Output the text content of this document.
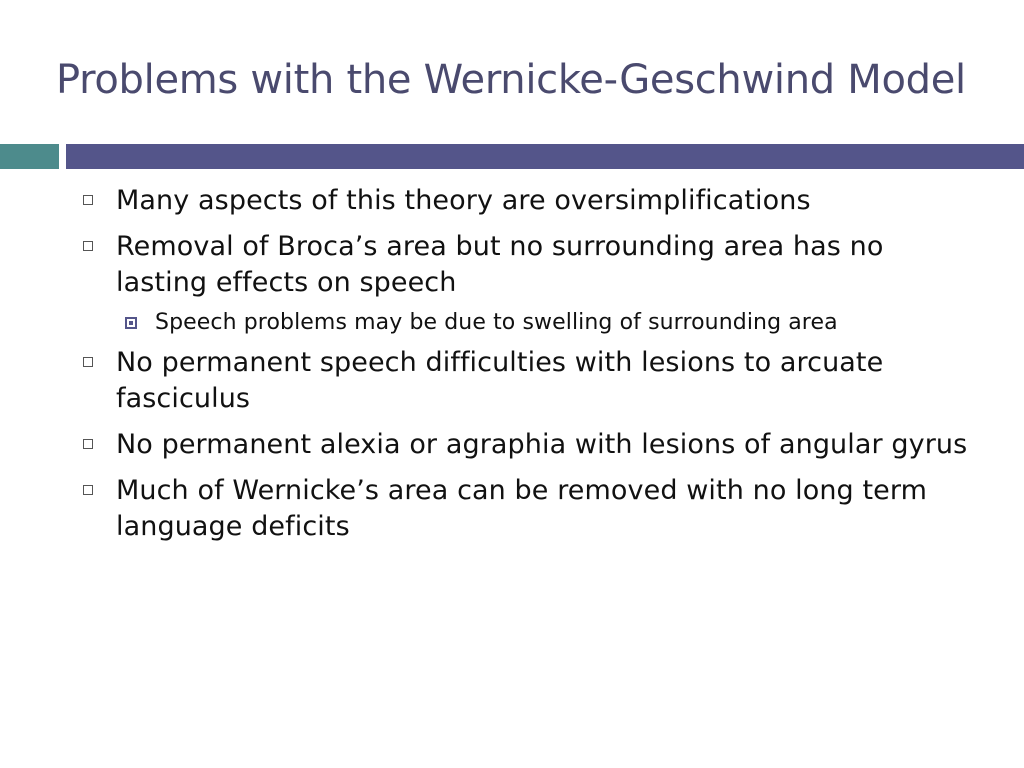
Problems with the Wernicke-Geschwind Model
Many aspects of this theory are oversimplifications
Removal of Broca’s area but no surrounding area has no lasting effects on speech
Speech problems may be due to swelling of surrounding area
No permanent speech difficulties with lesions to arcuate fasciculus
No permanent alexia or agraphia with lesions of angular gyrus
Much of Wernicke’s area can be removed with no long term language deficits
